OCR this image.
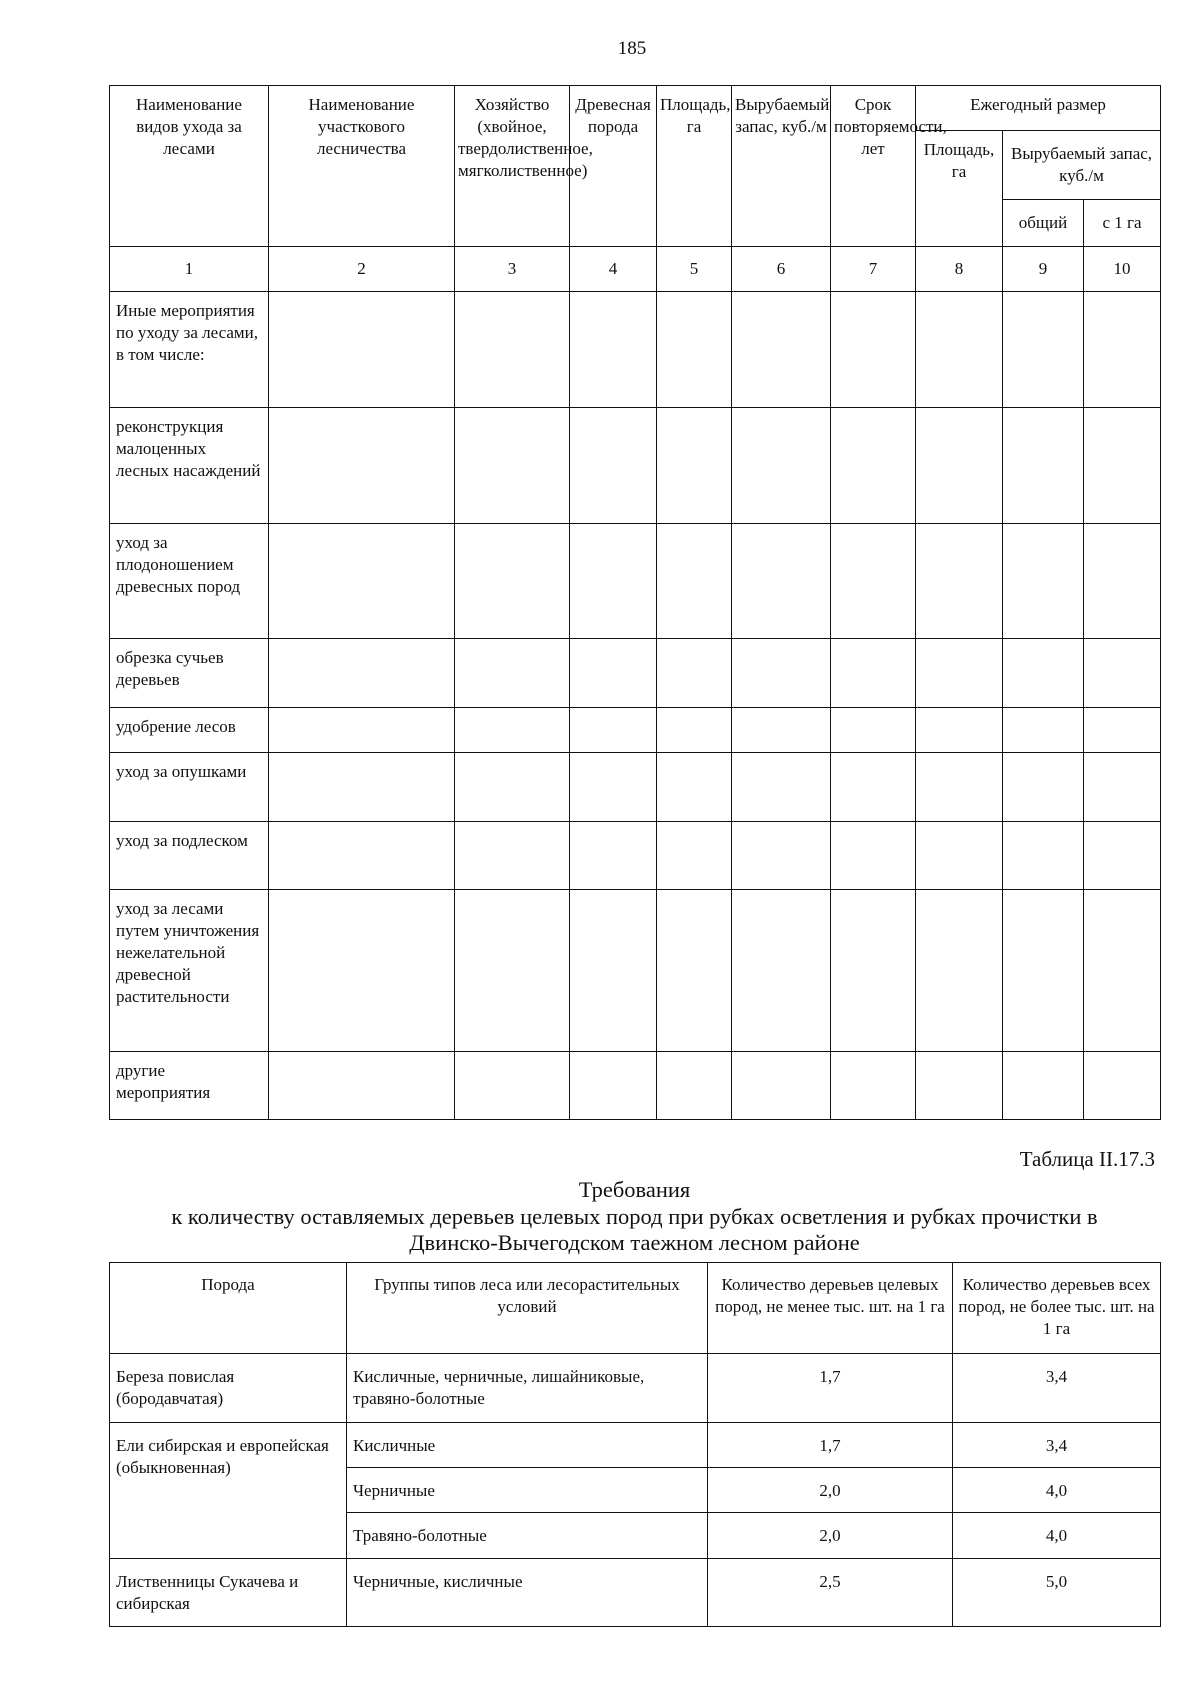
185
Наименование видов ухода за лесами	Наименование участкового лесничества	Хозяйство (хвойное, твердолиственное, мягколиственное)	Древесная порода	Площадь, га	Вырубаемый запас, куб./м	Срок повторяемости, лет	Ежегодный размер		
							Площадь, га	Вырубаемый запас, куб./м	
								общий	с 1 га
1	2	3	4	5	6	7	8	9	10
Иные мероприятия по уходу за лесами, в том числе:									
реконструкция малоценных лесных насаждений									
уход за плодоношением древесных пород									
обрезка сучьев деревьев									
удобрение лесов									
уход за опушками									
уход за подлеском									
уход за лесами путем уничтожения нежелательной древесной растительности									
другие мероприятия									
Таблица II.17.3
Требования
к количеству оставляемых деревьев целевых пород при рубках осветления и рубках прочистки в
Двинско-Вычегодском таежном лесном районе
Порода	Группы типов леса или лесорастительных условий	Количество деревьев целевых пород, не менее тыс. шт. на 1 га	Количество деревьев всех пород, не более тыс. шт. на 1 га
Береза повислая (бородавчатая)	Кисличные, черничные, лишайниковые, травяно-болотные	1,7	3,4
Ели сибирская и европейская (обыкновенная)	Кисличные	1,7	3,4
	Черничные	2,0	4,0
	Травяно-болотные	2,0	4,0
Лиственницы Сукачева и сибирская	Черничные, кисличные	2,5	5,0
